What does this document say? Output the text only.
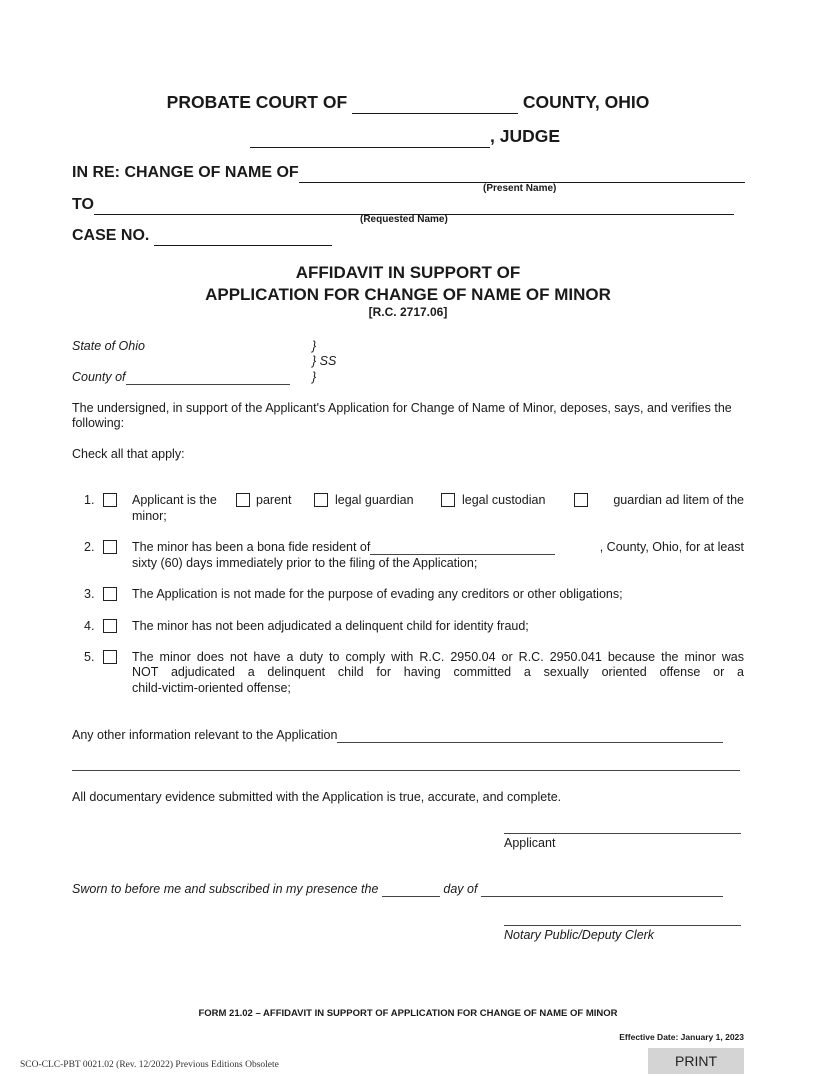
PROBATE COURT OF	COUNTY, OHIO
, JUDGE
IN RE: CHANGE OF NAME OF
(Present Name)
TO
(Requested Name)
CASE NO.
AFFIDAVIT IN SUPPORT OF
APPLICATION FOR CHANGE OF NAME OF MINOR
[R.C. 2717.06]
State of Ohio	}
} SS
County of	}
The undersigned, in support of the Applicant's Application for Change of Name of Minor, deposes, says, and verifies the following:
Check all that apply:
1.	Applicant is the	parent	legal guardian	legal custodian	guardian ad litem of the
minor;
2.	The minor has been a bona fide resident of	, County, Ohio, for at least
sixty (60) days immediately prior to the filing of the Application;
3.	The Application is not made for the purpose of evading any creditors or other obligations;
4.	The minor has not been adjudicated a delinquent child for identity fraud;
5.	The minor does not have a duty to comply with R.C. 2950.04 or R.C. 2950.041 because the minor was
NOT adjudicated a delinquent child for having committed a sexually oriented offense or a
child-victim-oriented offense;
Any other information relevant to the Application
All documentary evidence submitted with the Application is true, accurate, and complete.
Applicant
Sworn to before me and subscribed in my presence the	day of
Notary Public/Deputy Clerk
FORM 21.02 – AFFIDAVIT IN SUPPORT OF APPLICATION FOR CHANGE OF NAME OF MINOR
Effective Date: January 1, 2023
SCO-CLC-PBT 0021.02 (Rev. 12/2022) Previous Editions Obsolete	PRINT
